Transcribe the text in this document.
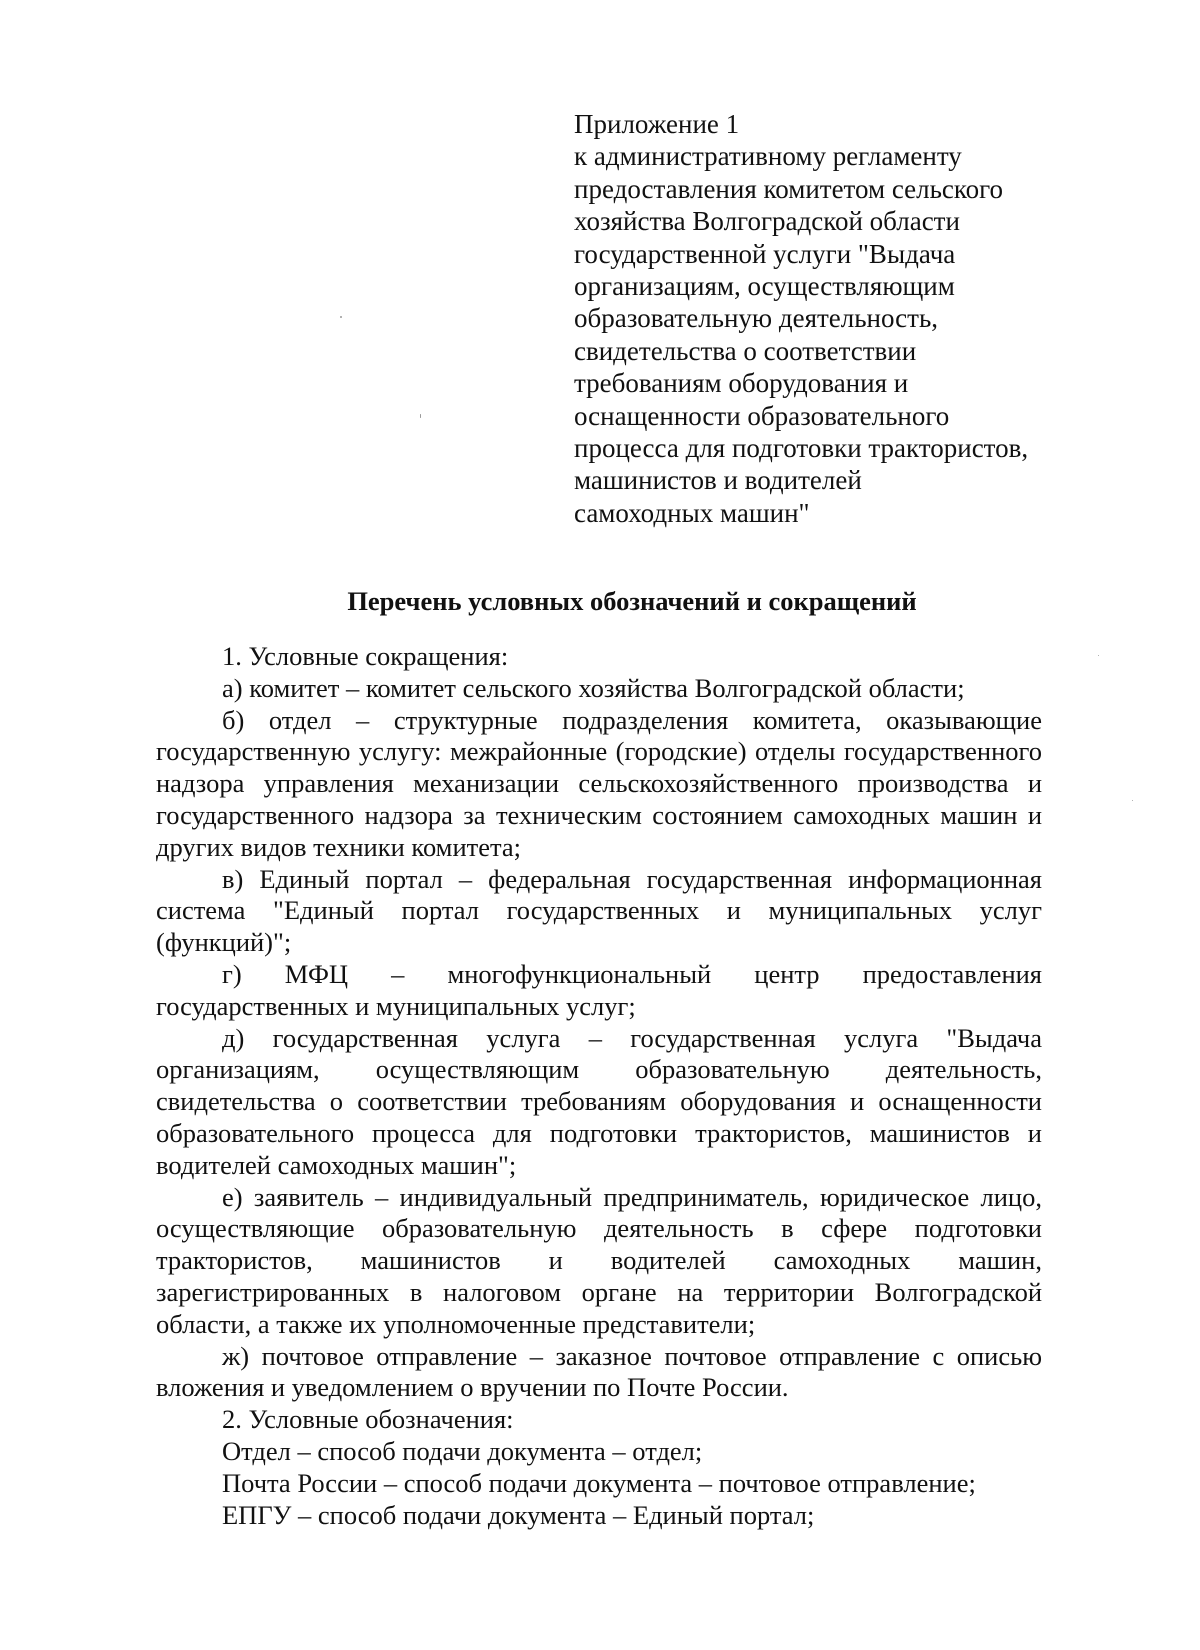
Приложение 1
к административному регламенту
предоставления комитетом сельского
хозяйства Волгоградской области
государственной услуги "Выдача
организациям, осуществляющим
образовательную деятельность,
свидетельства о соответствии
требованиям оборудования и
оснащенности образовательного
процесса для подготовки трактористов,
машинистов и водителей
самоходных машин"
Перечень условных обозначений и сокращений

1. Условные сокращения:

а) комитет – комитет сельского хозяйства Волгоградской области;

б) отдел – структурные подразделения комитета, оказывающие государственную услугу: межрайонные (городские) отделы государственного надзора управления механизации сельскохозяйственного производства и государственного надзора за техническим состоянием самоходных машин и других видов техники комитета;

в) Единый портал – федеральная государственная информационная система "Единый портал государственных и муниципальных услуг (функций)";

г) МФЦ – многофункциональный центр предоставления государственных и муниципальных услуг;

д) государственная услуга – государственная услуга "Выдача организациям, осуществляющим образовательную деятельность, свидетельства о соответствии требованиям оборудования и оснащенности образовательного процесса для подготовки трактористов, машинистов и водителей самоходных машин";

е) заявитель – индивидуальный предприниматель, юридическое лицо, осуществляющие образовательную деятельность в сфере подготовки трактористов, машинистов и водителей самоходных машин, зарегистрированных в налоговом органе на территории Волгоградской области, а также их уполномоченные представители;

ж) почтовое отправление – заказное почтовое отправление с описью вложения и уведомлением о вручении по Почте России.

2. Условные обозначения:

Отдел – способ подачи документа – отдел;

Почта России – способ подачи документа – почтовое отправление;

ЕПГУ – способ подачи документа – Единый портал;
